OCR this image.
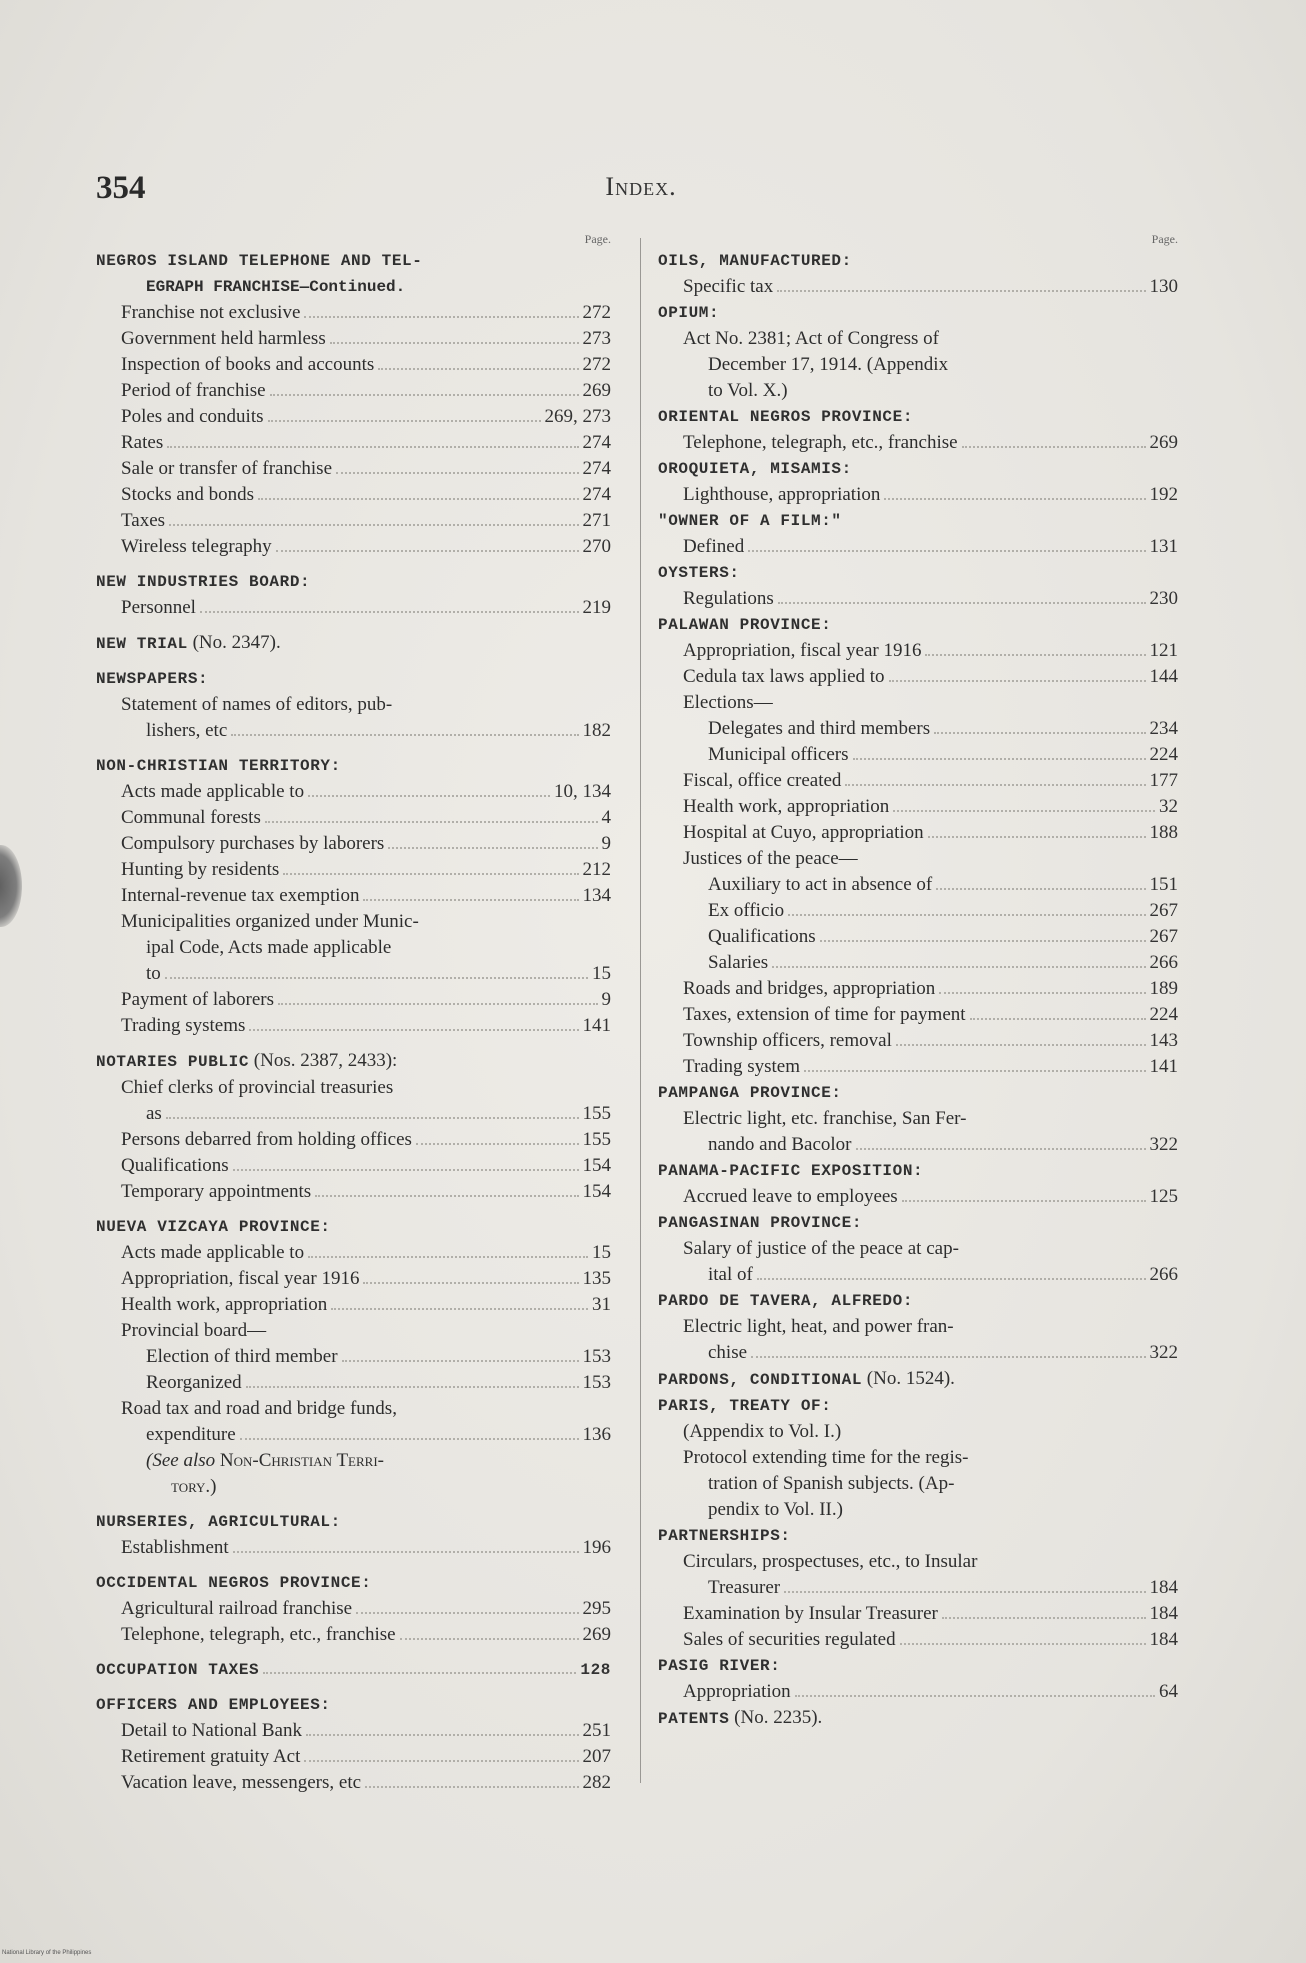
354	Index.
Page.
NEGROS ISLAND TELEPHONE AND TEL-
EGRAPH FRANCHISE—Continued.
Franchise not exclusive	272
Government held harmless	273
Inspection of books and accounts	272
Period of franchise	269
Poles and conduits	269, 273
Rates	274
Sale or transfer of franchise	274
Stocks and bonds	274
Taxes	271
Wireless telegraphy	270
NEW INDUSTRIES BOARD:
Personnel	219
NEW TRIAL (No. 2347).
NEWSPAPERS:
Statement of names of editors, pub-
lishers, etc	182
NON-CHRISTIAN TERRITORY:
Acts made applicable to	10, 134
Communal forests	4
Compulsory purchases by laborers	9
Hunting by residents	212
Internal-revenue tax exemption	134
Municipalities organized under Munic-
ipal Code, Acts made applicable
to	15
Payment of laborers	9
Trading systems	141
NOTARIES PUBLIC (Nos. 2387, 2433):
Chief clerks of provincial treasuries
as	155
Persons debarred from holding offices	155
Qualifications	154
Temporary appointments	154
NUEVA VIZCAYA PROVINCE:
Acts made applicable to	15
Appropriation, fiscal year 1916	135
Health work, appropriation	31
Provincial board—
Election of third member	153
Reorganized	153
Road tax and road and bridge funds,
expenditure	136
(See also
Non-Christian Terri-
tory.)
NURSERIES, AGRICULTURAL:
Establishment	196
OCCIDENTAL NEGROS PROVINCE:
Agricultural railroad franchise	295
Telephone, telegraph, etc., franchise	269
OCCUPATION TAXES	128
OFFICERS AND EMPLOYEES:
Detail to National Bank	251
Retirement gratuity Act	207
Vacation leave, messengers, etc	282
Page.
OILS, MANUFACTURED:
Specific tax	130
OPIUM:
Act No. 2381; Act of Congress of
December 17, 1914. (Appendix
to Vol. X.)
ORIENTAL NEGROS PROVINCE:
Telephone, telegraph, etc., franchise	269
OROQUIETA, MISAMIS:
Lighthouse, appropriation	192
"OWNER OF A FILM:"
Defined	131
OYSTERS:
Regulations	230
PALAWAN PROVINCE:
Appropriation, fiscal year 1916	121
Cedula tax laws applied to	144
Elections—
Delegates and third members	234
Municipal officers	224
Fiscal, office created	177
Health work, appropriation	32
Hospital at Cuyo, appropriation	188
Justices of the peace—
Auxiliary to act in absence of	151
Ex officio	267
Qualifications	267
Salaries	266
Roads and bridges, appropriation	189
Taxes, extension of time for payment	224
Township officers, removal	143
Trading system	141
PAMPANGA PROVINCE:
Electric light, etc. franchise, San Fer-
nando and Bacolor	322
PANAMA-PACIFIC EXPOSITION:
Accrued leave to employees	125
PANGASINAN PROVINCE:
Salary of justice of the peace at cap-
ital of	266
PARDO DE TAVERA, ALFREDO:
Electric light, heat, and power fran-
chise	322
PARDONS, CONDITIONAL (No. 1524).
PARIS, TREATY OF:
(Appendix to Vol. I.)
Protocol extending time for the regis-
tration of Spanish subjects. (Ap-
pendix to Vol. II.)
PARTNERSHIPS:
Circulars, prospectuses, etc., to Insular
Treasurer	184
Examination by Insular Treasurer	184
Sales of securities regulated	184
PASIG RIVER:
Appropriation	64
PATENTS (No. 2235).
National Library of the Philippines
